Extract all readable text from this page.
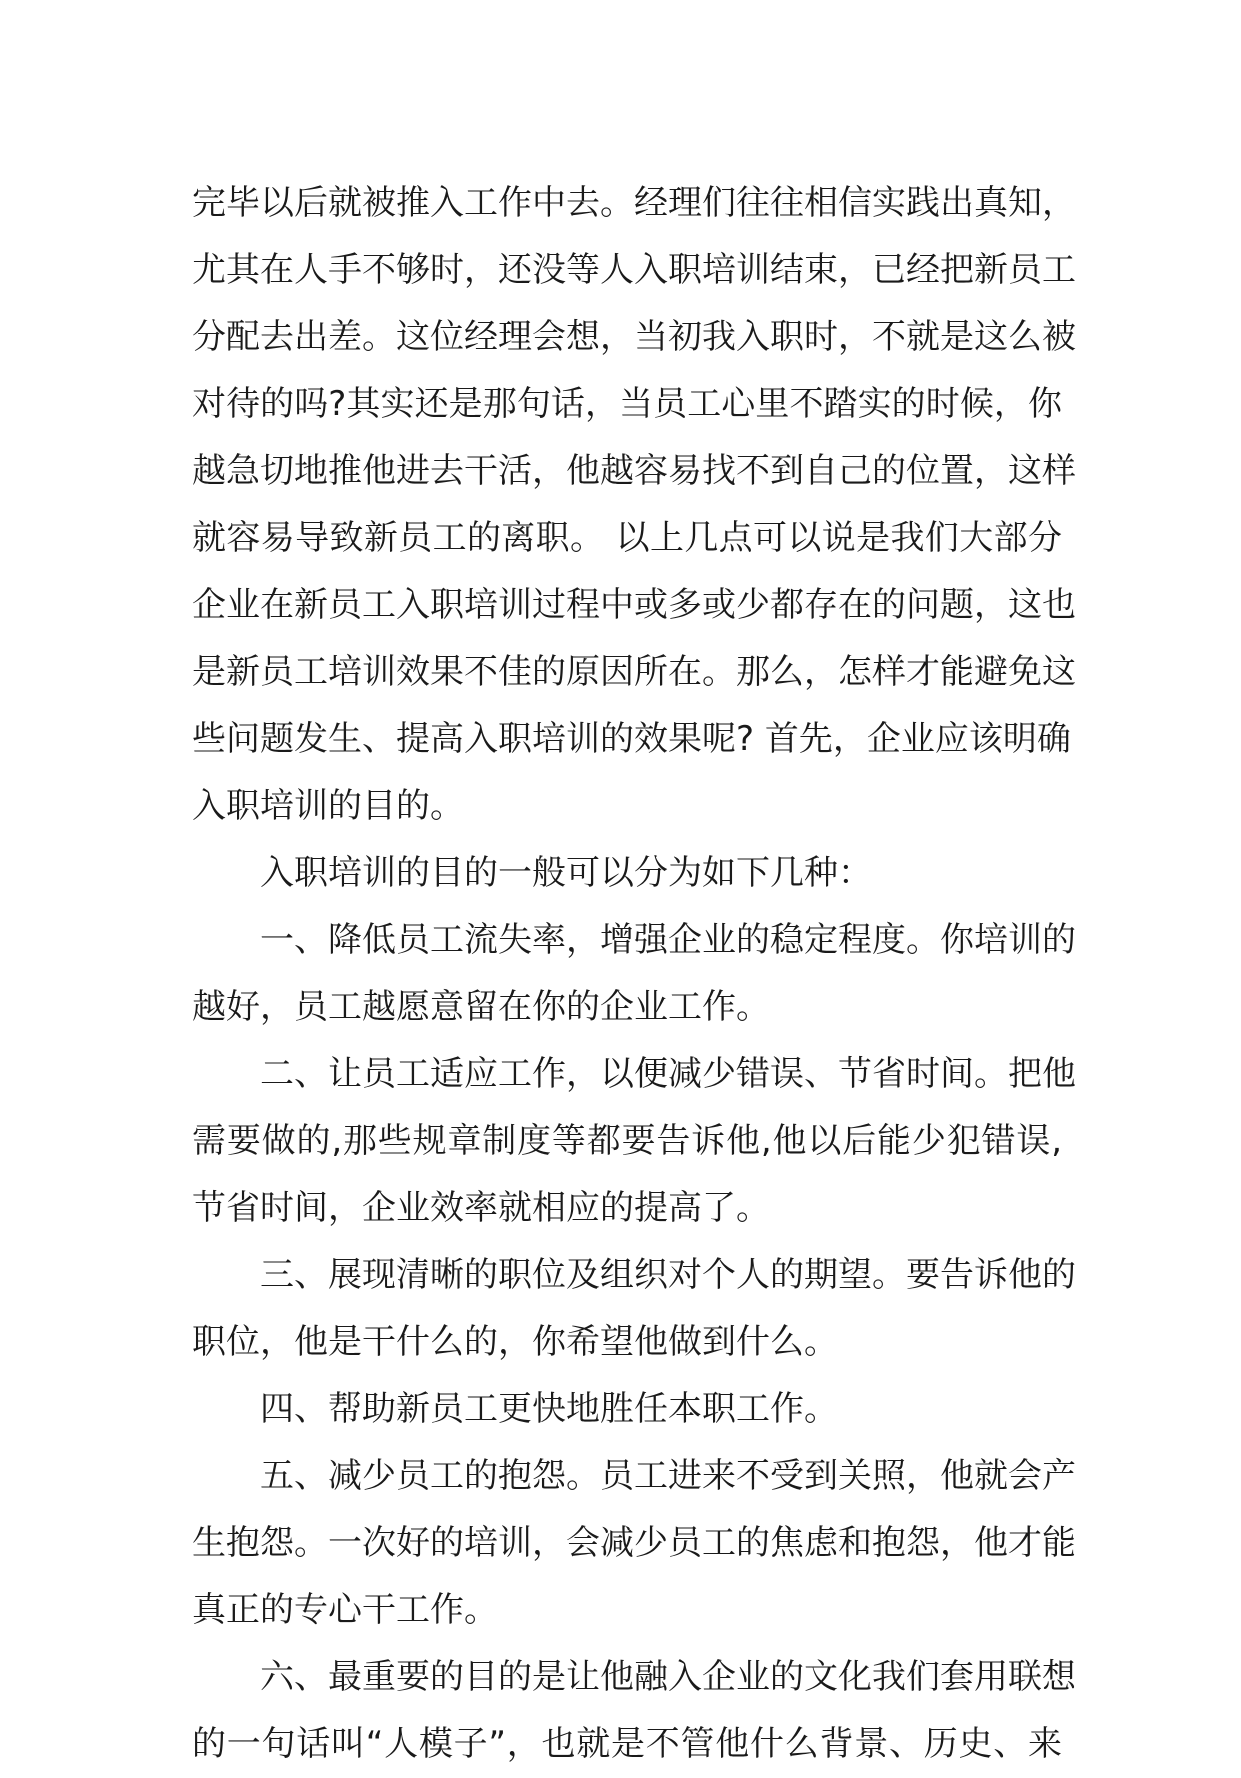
完毕以后就被推入工作中去。经理们往往相信实践出真知，
尤其在人手不够时，还没等人入职培训结束，已经把新员工
分配去出差。这位经理会想，当初我入职时，不就是这么被
对待的吗?其实还是那句话，当员工心里不踏实的时候，你
越急切地推他进去干活，他越容易找不到自己的位置，这样
就容易导致新员工的离职。 以上几点可以说是我们大部分
企业在新员工入职培训过程中或多或少都存在的问题，这也
是新员工培训效果不佳的原因所在。那么，怎样才能避免这
些问题发生、提高入职培训的效果呢? 首先，企业应该明确
入职培训的目的。
入职培训的目的一般可以分为如下几种：
一、降低员工流失率，增强企业的稳定程度。你培训的
越好，员工越愿意留在你的企业工作。
二、让员工适应工作，以便减少错误、节省时间。把他
需要做的,那些规章制度等都要告诉他,他以后能少犯错误,
节省时间，企业效率就相应的提高了。
三、展现清晰的职位及组织对个人的期望。要告诉他的
职位，他是干什么的，你希望他做到什么。
四、帮助新员工更快地胜任本职工作。
五、减少员工的抱怨。员工进来不受到关照，他就会产
生抱怨。一次好的培训，会减少员工的焦虑和抱怨，他才能
真正的专心干工作。
六、最重要的目的是让他融入企业的文化我们套用联想
的一句话叫“人模子”，也就是不管他什么背景、历史、来
